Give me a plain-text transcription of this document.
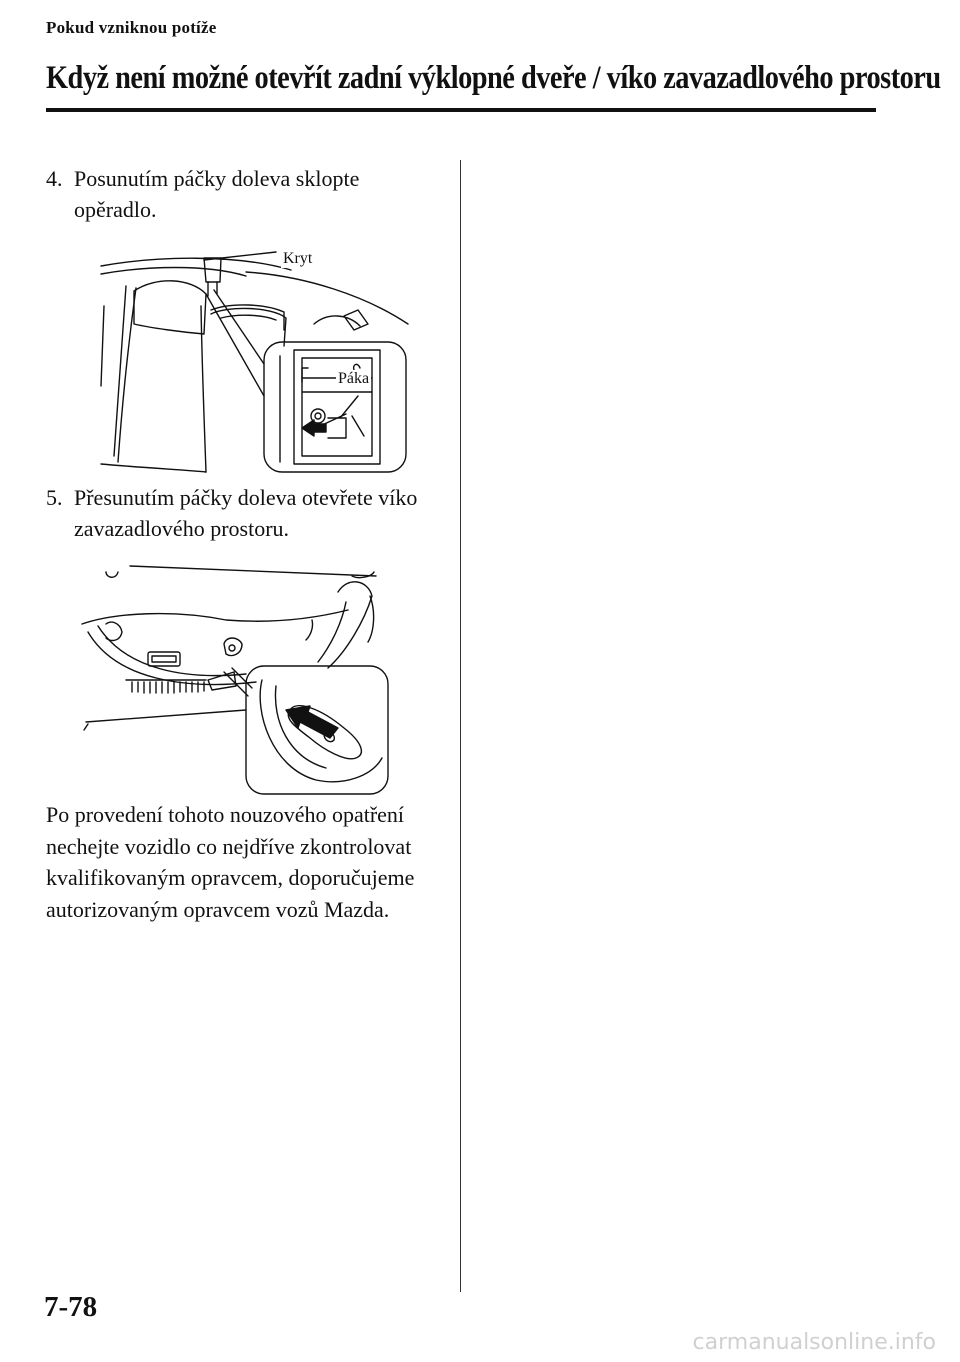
Pokud vzniknou potíže
Když není možné otevřít zadní výklopné dveře / víko zavazadlového prostoru
4. Posunutím páčky doleva sklopte opěradlo.
Kryt
Páka
5. Přesunutím páčky doleva otevřete víko zavazadlového prostoru.
Po provedení tohoto nouzového opatření nechejte vozidlo co nejdříve zkontrolovat kvalifikovaným opravcem, doporučujeme autorizovaným opravcem vozů Mazda.
7-78
carmanualsonline.info
